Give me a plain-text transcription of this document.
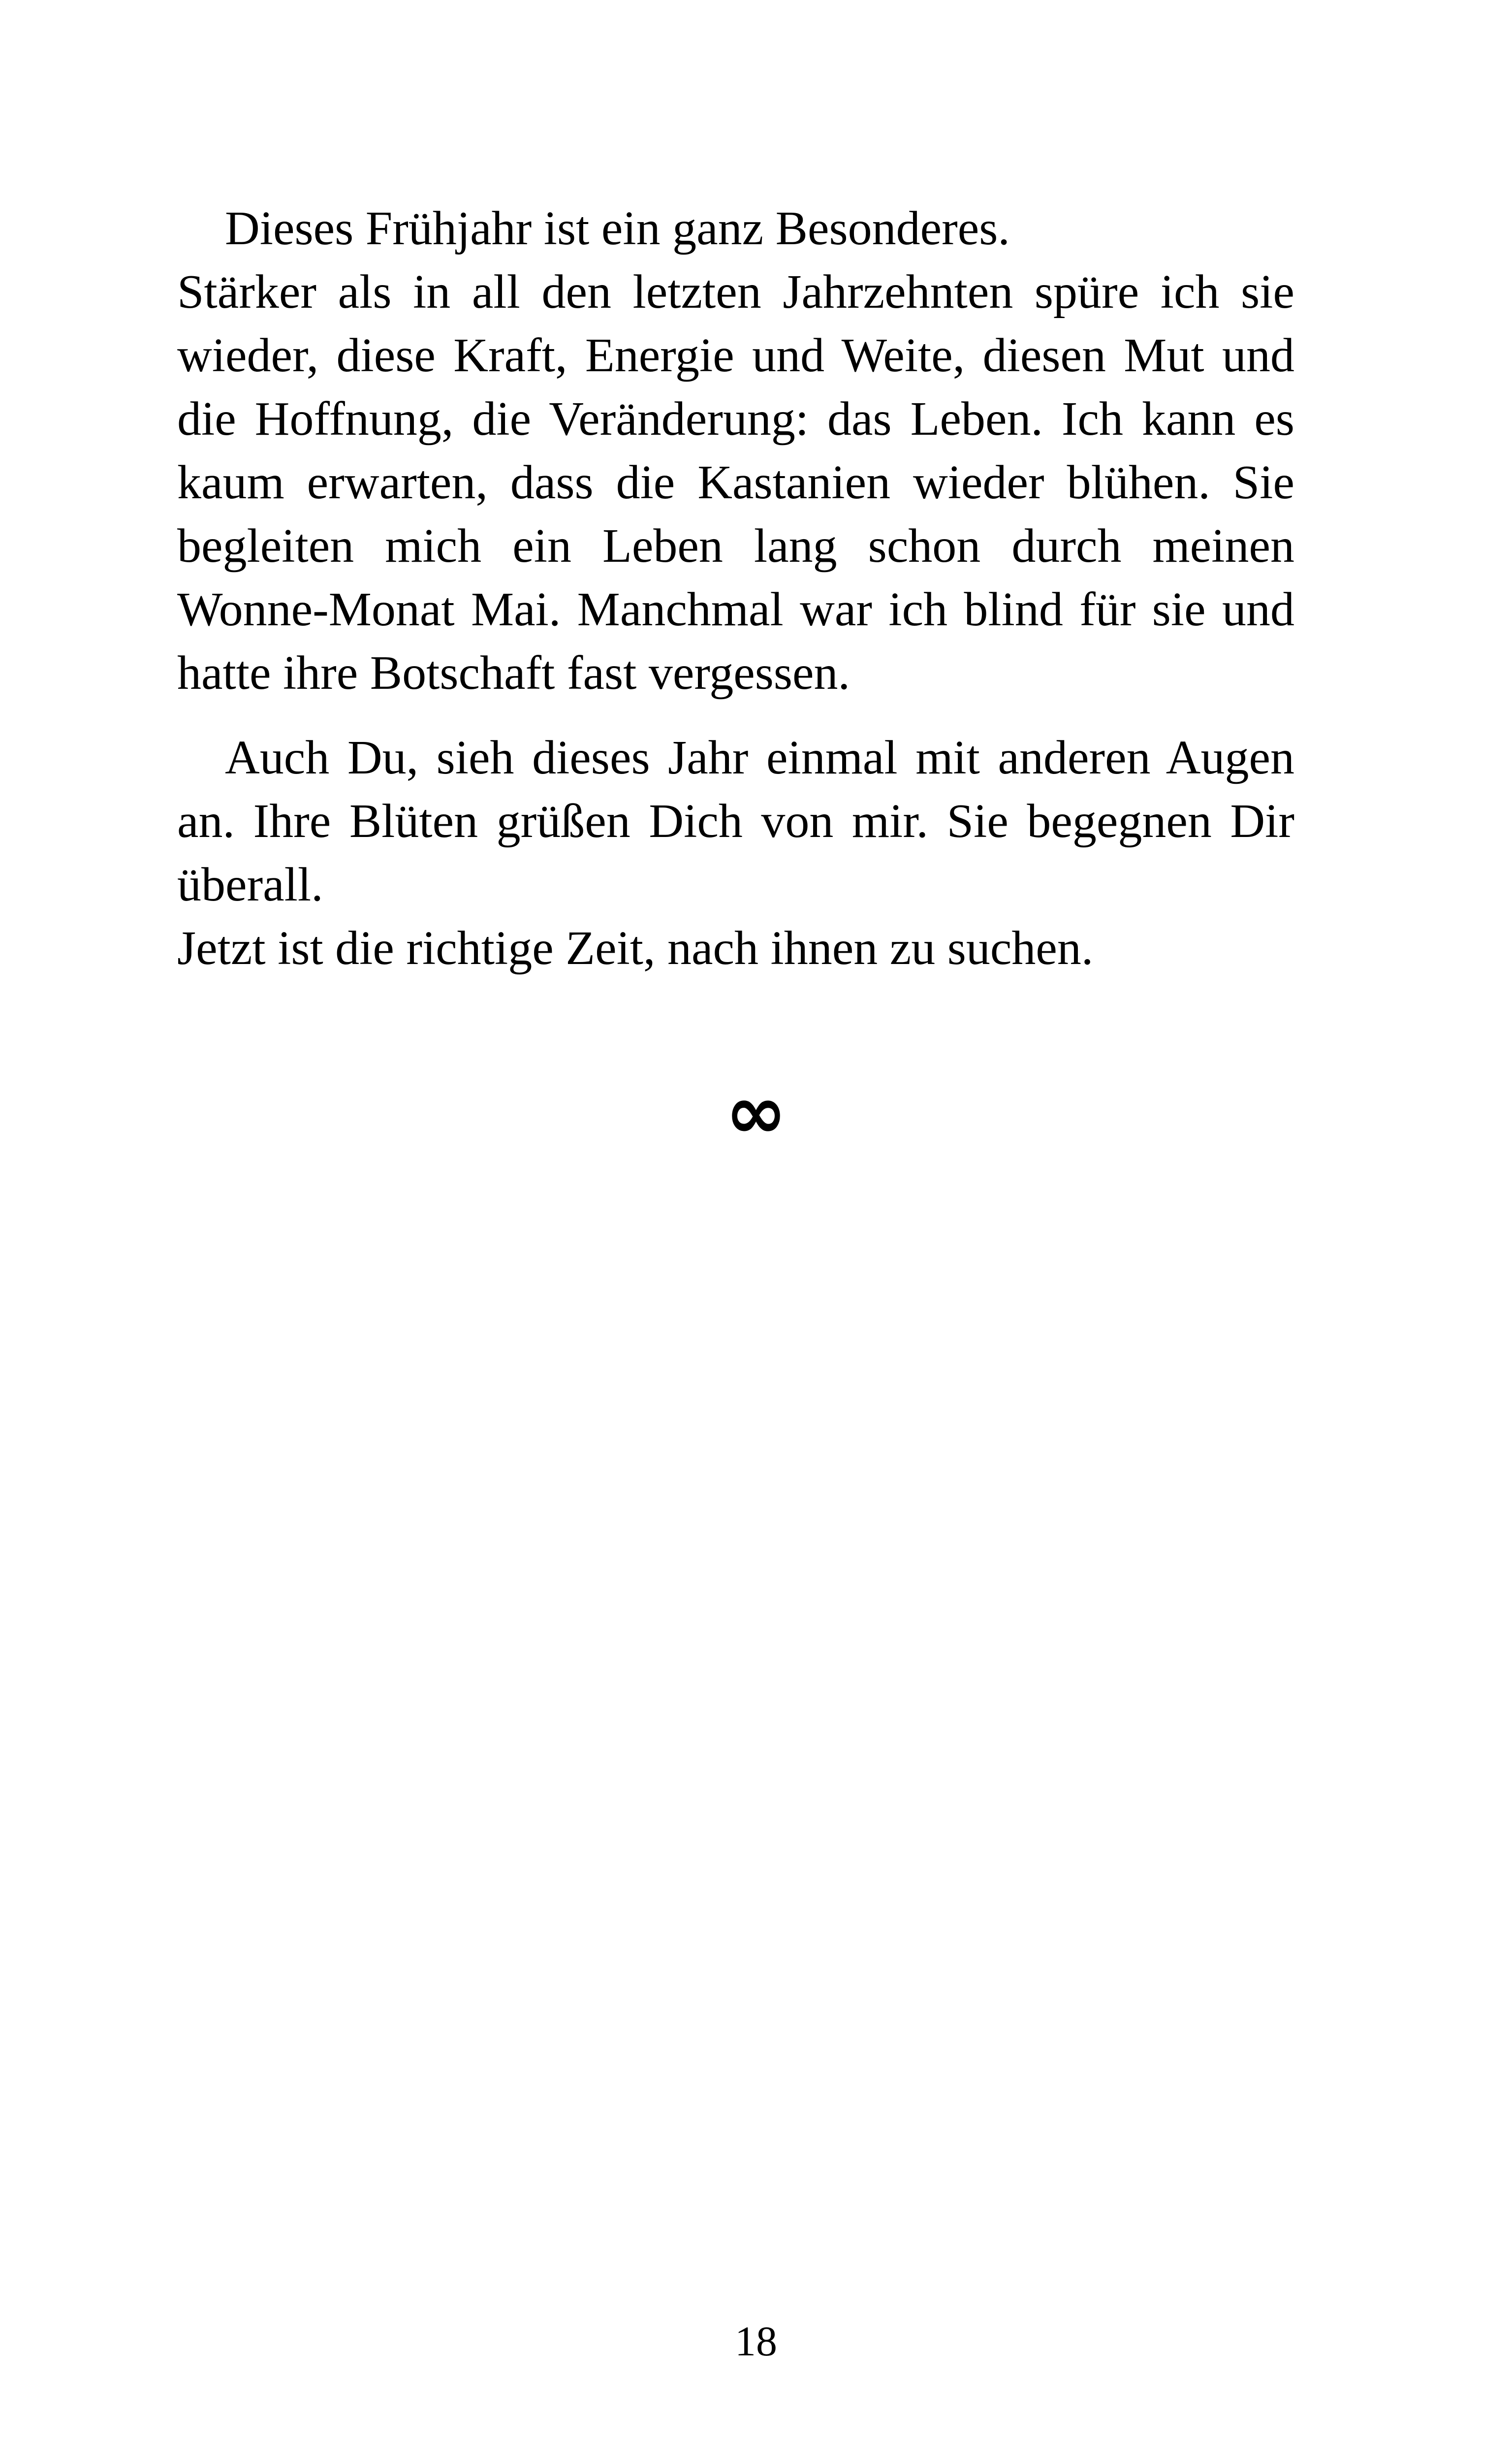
Dieses Frühjahr ist ein ganz Besonderes.

Stärker als in all den letzten Jahrzehnten spüre ich sie wieder, diese Kraft, Energie und Weite, diesen Mut und die Hoffnung, die Veränderung: das Leben. Ich kann es kaum erwarten, dass die Kastanien wieder blühen. Sie begleiten mich ein Leben lang schon durch meinen Wonne-Monat Mai. Manchmal war ich blind für sie und hatte ihre Botschaft fast vergessen.

Auch Du, sieh dieses Jahr einmal mit anderen Augen an. Ihre Blüten grüßen Dich von mir. Sie begegnen Dir überall.

Jetzt ist die richtige Zeit, nach ihnen zu suchen.

∞
18
